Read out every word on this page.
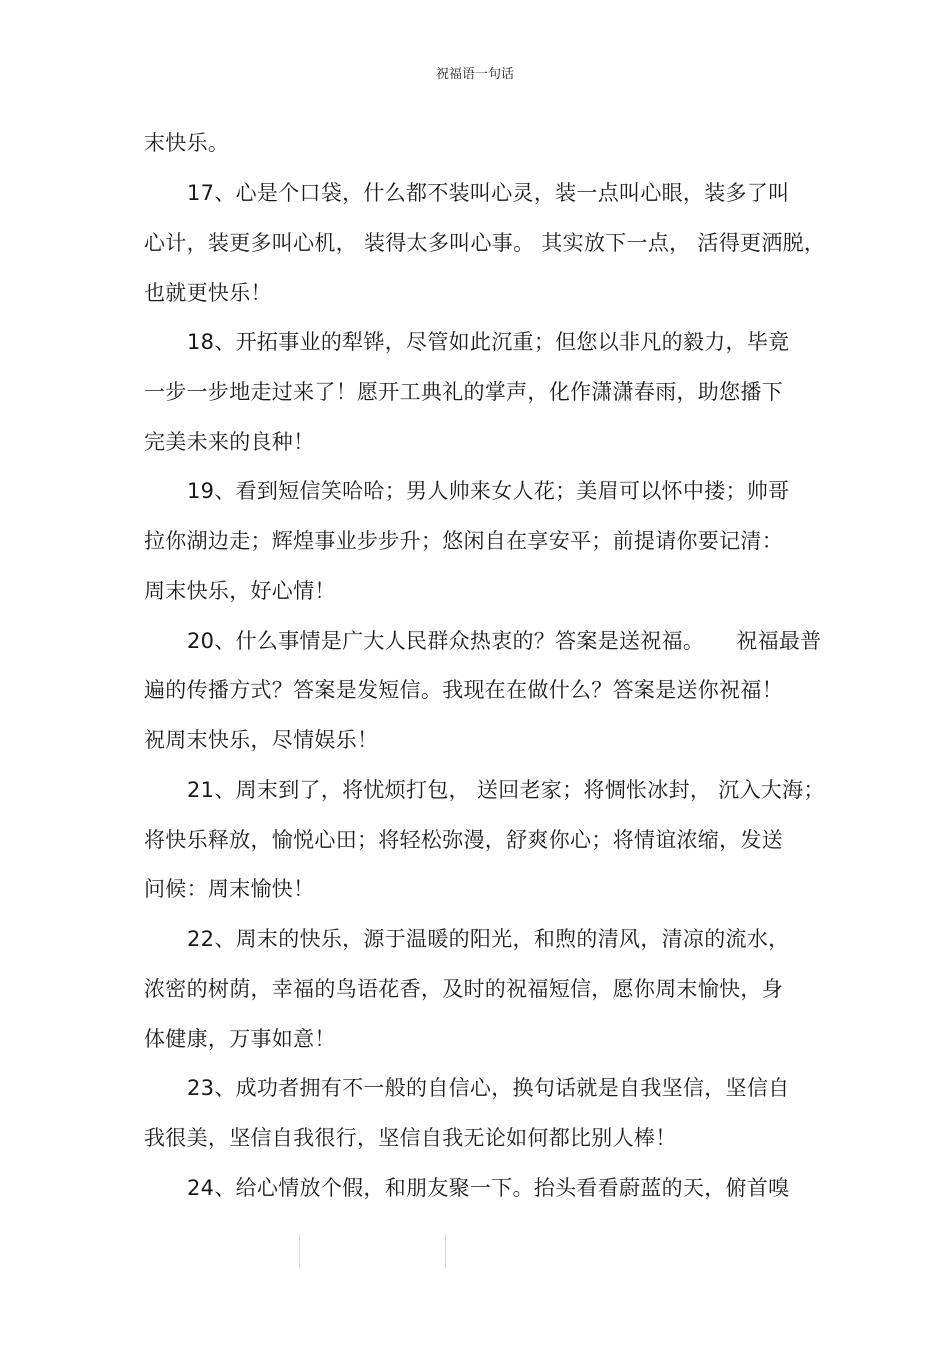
祝福语一句话
末快乐。
17、心是个口袋，什么都不装叫心灵，装一点叫心眼，装多了叫
心计，装更多叫心机， 装得太多叫心事。 其实放下一点， 活得更洒脱，
也就更快乐！
18、开拓事业的犁铧，尽管如此沉重；但您以非凡的毅力，毕竟
一步一步地走过来了！愿开工典礼的掌声，化作潇潇春雨，助您播下
完美未来的良种！
19、看到短信笑哈哈；男人帅来女人花；美眉可以怀中搂；帅哥
拉你湖边走；辉煌事业步步升；悠闲自在享安平；前提请你要记清：
周末快乐，好心情！
20、什么事情是广大人民群众热衷的？答案是送祝福。　　祝福最普
遍的传播方式？答案是发短信。我现在在做什么？答案是送你祝福！
祝周末快乐，尽情娱乐！
21、周末到了，将忧烦打包， 送回老家；将惆怅冰封， 沉入大海；
将快乐释放，愉悦心田；将轻松弥漫，舒爽你心；将情谊浓缩，发送
问候：周末愉快！
22、周末的快乐，源于温暖的阳光，和煦的清风，清凉的流水，
浓密的树荫，幸福的鸟语花香，及时的祝福短信，愿你周末愉快，身
体健康，万事如意！
23、成功者拥有不一般的自信心，换句话就是自我坚信，坚信自
我很美，坚信自我很行，坚信自我无论如何都比别人棒！
24、给心情放个假，和朋友聚一下。抬头看看蔚蓝的天，俯首嗅
